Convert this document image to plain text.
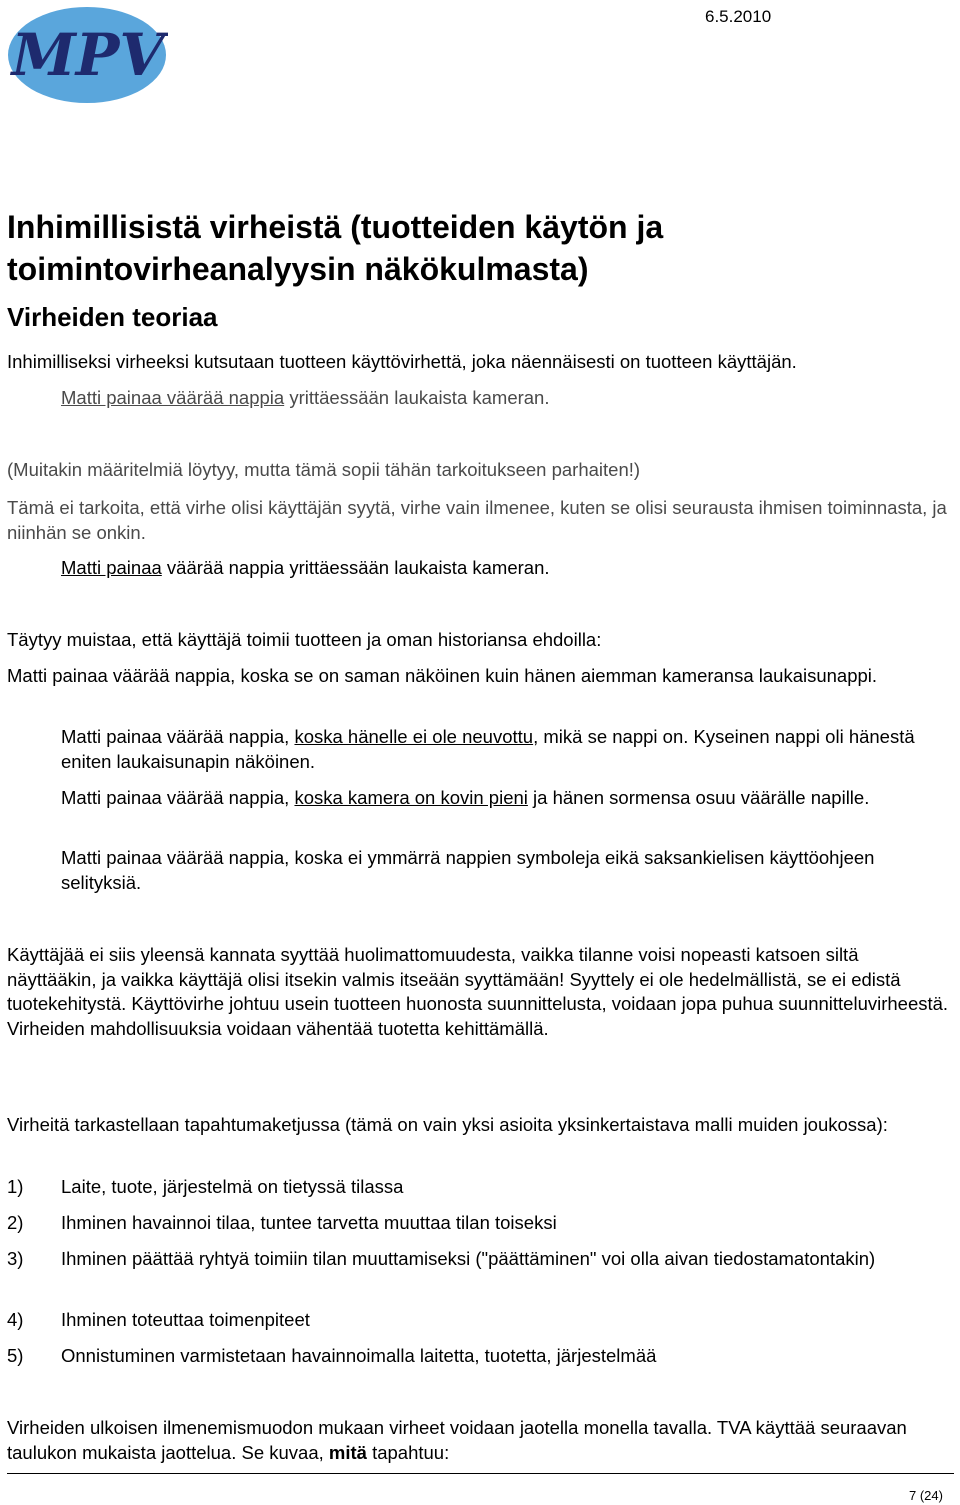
6.5.2010
MPV
Inhimillisistä virheistä (tuotteiden käytön ja toimintovirheanalyysin näkökulmasta)
Virheiden teoriaa

Inhimilliseksi virheeksi kutsutaan tuotteen käyttövirhettä, joka näennäisesti on tuotteen käyttäjän.

Matti painaa väärää nappia yrittäessään laukaista kameran.

(Muitakin määritelmiä löytyy, mutta tämä sopii tähän tarkoitukseen parhaiten!)

Tämä ei tarkoita, että virhe olisi käyttäjän syytä, virhe vain ilmenee, kuten se olisi seurausta ihmisen toiminnasta, ja niinhän se onkin.

Matti painaa väärää nappia yrittäessään laukaista kameran.

Täytyy muistaa, että käyttäjä toimii tuotteen ja oman historiansa ehdoilla:

Matti painaa väärää nappia, koska se on saman näköinen kuin hänen aiemman kameransa laukaisunappi.

Matti painaa väärää nappia, koska hänelle ei ole neuvottu, mikä se nappi on. Kyseinen nappi oli hänestä eniten laukaisunapin näköinen.

Matti painaa väärää nappia, koska kamera on kovin pieni ja hänen sormensa osuu väärälle napille.

Matti painaa väärää nappia, koska ei ymmärrä nappien symboleja eikä saksankielisen käyttöohjeen selityksiä.

Käyttäjää ei siis yleensä kannata syyttää huolimattomuudesta, vaikka tilanne voisi nopeasti katsoen siltä näyttääkin, ja vaikka käyttäjä olisi itsekin valmis itseään syyttämään! Syyttely ei ole hedelmällistä, se ei edistä tuotekehitystä. Käyttövirhe johtuu usein tuotteen huonosta suunnittelusta, voidaan jopa puhua suunnitteluvirheestä. Virheiden mahdollisuuksia voidaan vähentää tuotetta kehittämällä.

Virheitä tarkastellaan tapahtumaketjussa (tämä on vain yksi asioita yksinkertaistava malli muiden joukossa):

1) Laite, tuote, järjestelmä on tietyssä tilassa

2) Ihminen havainnoi tilaa, tuntee tarvetta muuttaa tilan toiseksi

3) Ihminen päättää ryhtyä toimiin tilan muuttamiseksi ("päättäminen" voi olla aivan tiedostamatontakin)

4) Ihminen toteuttaa toimenpiteet

5) Onnistuminen varmistetaan havainnoimalla laitetta, tuotetta, järjestelmää

Virheiden ulkoisen ilmenemismuodon mukaan virheet voidaan jaotella monella tavalla. TVA käyttää seuraavan taulukon mukaista jaottelua. Se kuvaa, mitä tapahtuu:

7 (24)
